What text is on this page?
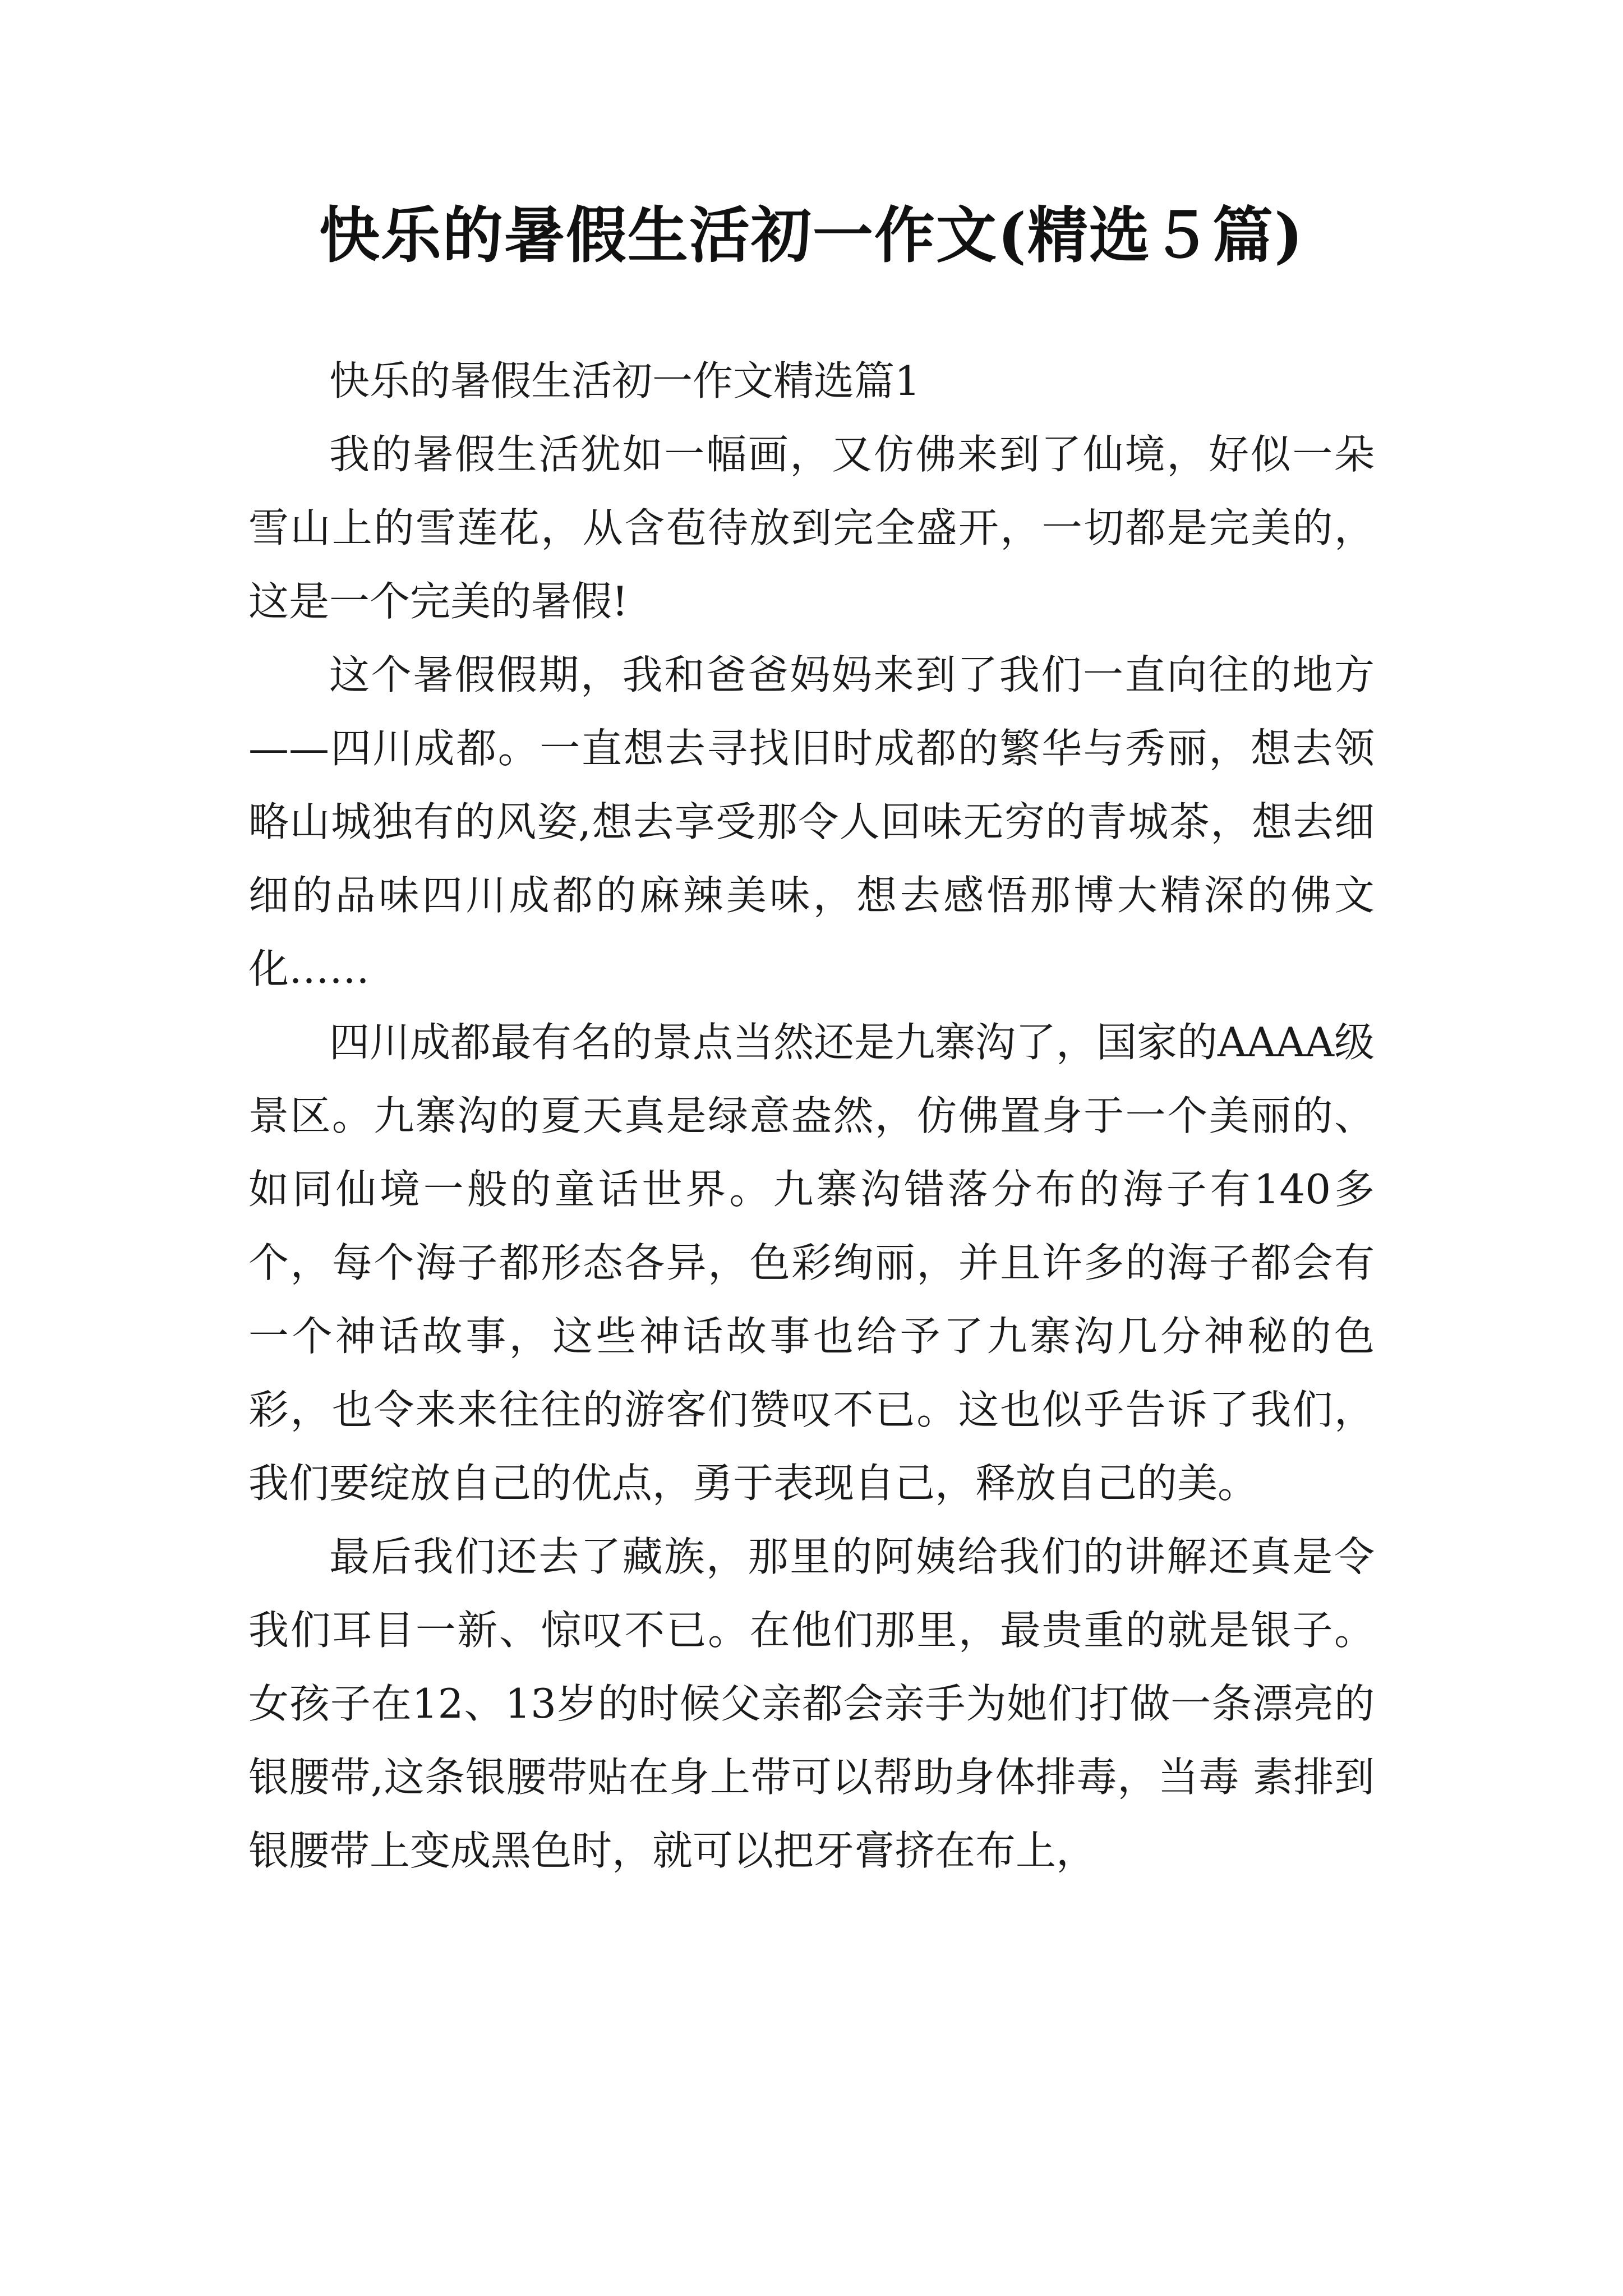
快乐的暑假生活初一作文(精选５篇)

快乐的暑假生活初一作文精选篇1

我的暑假生活犹如一幅画，又仿佛来到了仙境，好似一朵雪山上的雪莲花，从含苞待放到完全盛开，一切都是完美的，这是一个完美的暑假!

这个暑假假期，我和爸爸妈妈来到了我们一直向往的地方——四川成都。一直想去寻找旧时成都的繁华与秀丽，想去领略山城独有的风姿,想去享受那令人回味无穷的青城茶，想去细细的品味四川成都的麻辣美味，想去感悟那博大精深的佛文化……

四川成都最有名的景点当然还是九寨沟了，国家的AAAA级景区。九寨沟的夏天真是绿意盎然，仿佛置身于一个美丽的、如同仙境一般的童话世界。九寨沟错落分布的海子有140多个，每个海子都形态各异，色彩绚丽，并且许多的海子都会有一个神话故事，这些神话故事也给予了九寨沟几分神秘的色彩，也令来来往往的游客们赞叹不已。这也似乎告诉了我们，我们要绽放自己的优点，勇于表现自己，释放自己的美。

最后我们还去了藏族，那里的阿姨给我们的讲解还真是令我们耳目一新、惊叹不已。在他们那里，最贵重的就是银子。女孩子在12、13岁的时候父亲都会亲手为她们打做一条漂亮的银腰带,这条银腰带贴在身上带可以帮助身体排毒，当毒 素排到银腰带上变成黑色时，就可以把牙膏挤在布上，
